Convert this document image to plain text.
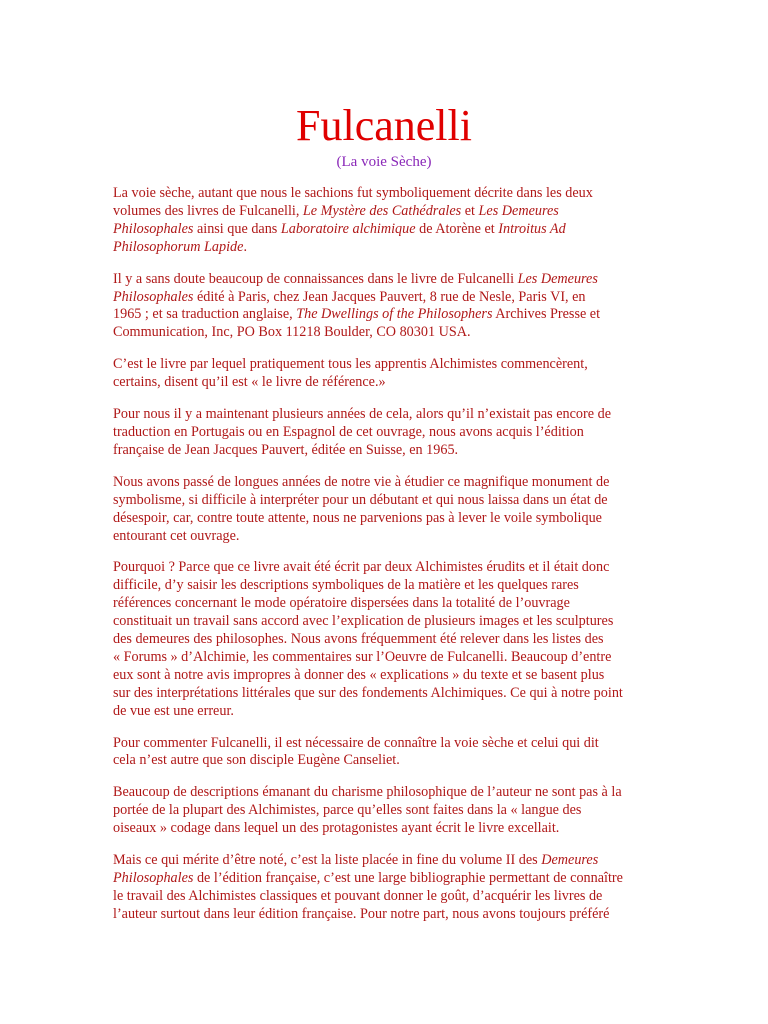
Fulcanelli
(La voie Sèche)

La voie sèche, autant que nous le sachions fut symboliquement décrite dans les deux
volumes des livres de Fulcanelli, Le Mystère des Cathédrales et Les Demeures
Philosophales ainsi que dans Laboratoire alchimique de Atorène et Introitus Ad
Philosophorum Lapide.

Il y a sans doute beaucoup de connaissances dans le livre de Fulcanelli Les Demeures
Philosophales édité à Paris, chez Jean Jacques Pauvert, 8 rue de Nesle, Paris VI, en
1965 ; et sa traduction anglaise, The Dwellings of the Philosophers Archives Presse et
Communication, Inc, PO Box 11218 Boulder, CO 80301 USA.

C’est le livre par lequel pratiquement tous les apprentis Alchimistes commencèrent,
certains, disent qu’il est « le livre de référence.»

Pour nous il y a maintenant plusieurs années de cela, alors qu’il n’existait pas encore de
traduction en Portugais ou en Espagnol de cet ouvrage, nous avons acquis l’édition
française de Jean Jacques Pauvert, éditée en Suisse, en 1965.

Nous avons passé de longues années de notre vie à étudier ce magnifique monument de
symbolisme, si difficile à interpréter pour un débutant et qui nous laissa dans un état de
désespoir, car, contre toute attente, nous ne parvenions pas à lever le voile symbolique
entourant cet ouvrage.

Pourquoi ? Parce que ce livre avait été écrit par deux Alchimistes érudits et il était donc
difficile, d’y saisir les descriptions symboliques de la matière et les quelques rares
références concernant le mode opératoire dispersées dans la totalité de l’ouvrage
constituait un travail sans accord avec l’explication de plusieurs images et les sculptures
des demeures des philosophes. Nous avons fréquemment été relever dans les listes des
« Forums » d’Alchimie, les commentaires sur l’Oeuvre de Fulcanelli. Beaucoup d’entre
eux sont à notre avis impropres à donner des « explications » du texte et se basent plus
sur des interprétations littérales que sur des fondements Alchimiques. Ce qui à notre point
de vue est une erreur.

Pour commenter Fulcanelli, il est nécessaire de connaître la voie sèche et celui qui dit
cela n’est autre que son disciple Eugène Canseliet.

Beaucoup de descriptions émanant du charisme philosophique de l’auteur ne sont pas à la
portée de la plupart des Alchimistes, parce qu’elles sont faites dans la « langue des
oiseaux » codage dans lequel un des protagonistes ayant écrit le livre excellait.

Mais ce qui mérite d’être noté, c’est la liste placée in fine du volume II des Demeures
Philosophales de l’édition française, c’est une large bibliographie permettant de connaître
le travail des Alchimistes classiques et pouvant donner le goût, d’acquérir les livres de
l’auteur surtout dans leur édition française. Pour notre part, nous avons toujours préféré
